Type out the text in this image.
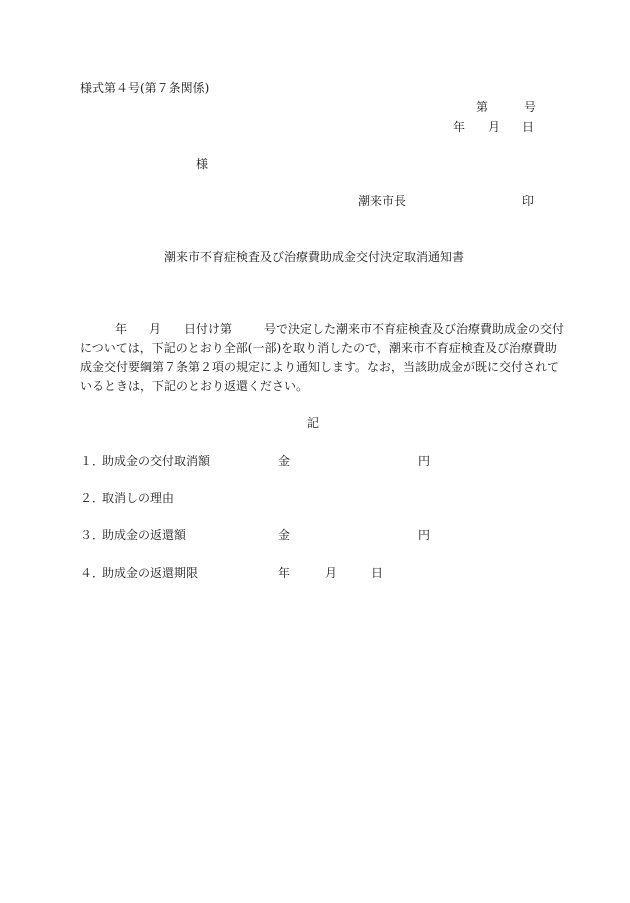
様式第４号(第７条関係)
第	号
年 月 日
様
潮来市長	印
潮来市不育症検査及び治療費助成金交付決定取消通知書
年 月 日付け第	号で決定した潮来市不育症検査及び治療費助成金の交付
については，下記のとおり全部(一部)を取り消したので，潮来市不育症検査及び治療費助
成金交付要綱第７条第２項の規定により通知します。なお，当該助成金が既に交付されて
いるときは，下記のとおり返還ください。
記
１．
助成金の交付取消額	金	円
２．
取消しの理由
３．
助成金の返還額	金	円
４．
助成金の返還期限	年	月	日
